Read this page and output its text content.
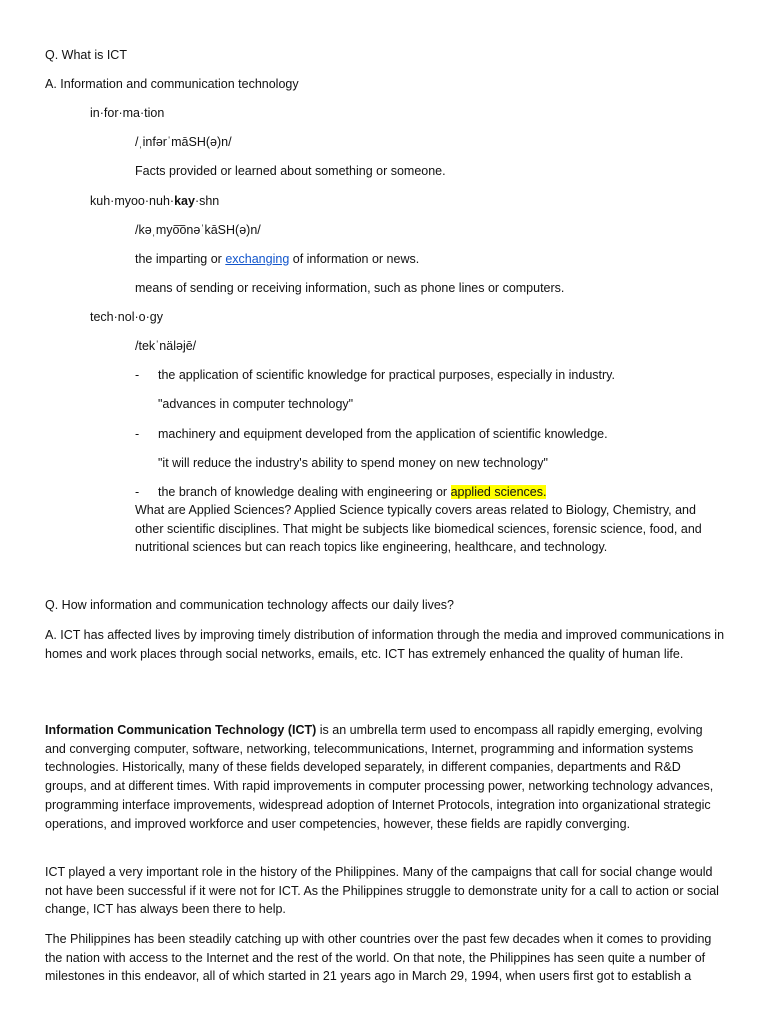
Q. What is ICT
A. Information and communication technology
in·for·ma·tion
/ˌinfərˈmāSH(ə)n/
Facts provided or learned about something or someone.
kuh·myoo·nuh·kay·shn
/kəˌmyo͞onəˈkāSH(ə)n/
the imparting or exchanging of information or news.
means of sending or receiving information, such as phone lines or computers.
tech·nol·o·gy
/tekˈnäləjē/
- the application of scientific knowledge for practical purposes, especially in industry.
"advances in computer technology"
- machinery and equipment developed from the application of scientific knowledge.
"it will reduce the industry's ability to spend money on new technology"
- the branch of knowledge dealing with engineering or applied sciences.
What are Applied Sciences? Applied Science typically covers areas related to Biology, Chemistry, and other scientific disciplines. That might be subjects like biomedical sciences, forensic science, food, and nutritional sciences but can reach topics like engineering, healthcare, and technology.
Q. How information and communication technology affects our daily lives?
A. ICT has affected lives by improving timely distribution of information through the media and improved communications in homes and work places through social networks, emails, etc. ICT has extremely enhanced the quality of human life.
Information Communication Technology (ICT) is an umbrella term used to encompass all rapidly emerging, evolving and converging computer, software, networking, telecommunications, Internet, programming and information systems technologies. Historically, many of these fields developed separately, in different companies, departments and R&D groups, and at different times. With rapid improvements in computer processing power, networking technology advances, programming interface improvements, widespread adoption of Internet Protocols, integration into organizational strategic operations, and improved workforce and user competencies, however, these fields are rapidly converging.
ICT played a very important role in the history of the Philippines. Many of the campaigns that call for social change would not have been successful if it were not for ICT. As the Philippines struggle to demonstrate unity for a call to action or social change, ICT has always been there to help.
The Philippines has been steadily catching up with other countries over the past few decades when it comes to providing the nation with access to the Internet and the rest of the world. On that note, the Philippines has seen quite a number of milestones in this endeavor, all of which started in 21 years ago in March 29, 1994, when users first got to establish a
